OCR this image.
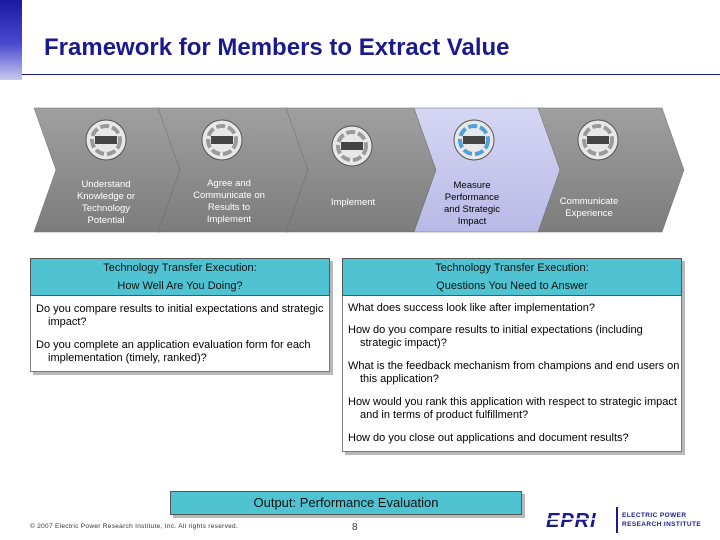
Framework for Members to Extract Value
Understand Knowledge or Technology Potential
Agree and Communicate on Results to Implement
Implement
Measure Performance and Strategic Impact
Communicate Experience
Technology Transfer Execution:
How Well Are You Doing?
Do you compare results to initial expectations and strategic impact?
Do you complete an application evaluation form for each implementation (timely, ranked)?
Technology Transfer Execution:
Questions You Need to Answer
What does success look like after implementation?
How do you compare results to initial expectations (including strategic impact)?
What is the feedback mechanism from champions and end users on this application?
How would you rank this application with respect to strategic impact and in terms of product fulfillment?
How do you close out applications and document results?
Output: Performance Evaluation
© 2007 Electric Power Research Institute, Inc. All rights reserved.	8	EPRI	ELECTRIC POWER
RESEARCH INSTITUTE
